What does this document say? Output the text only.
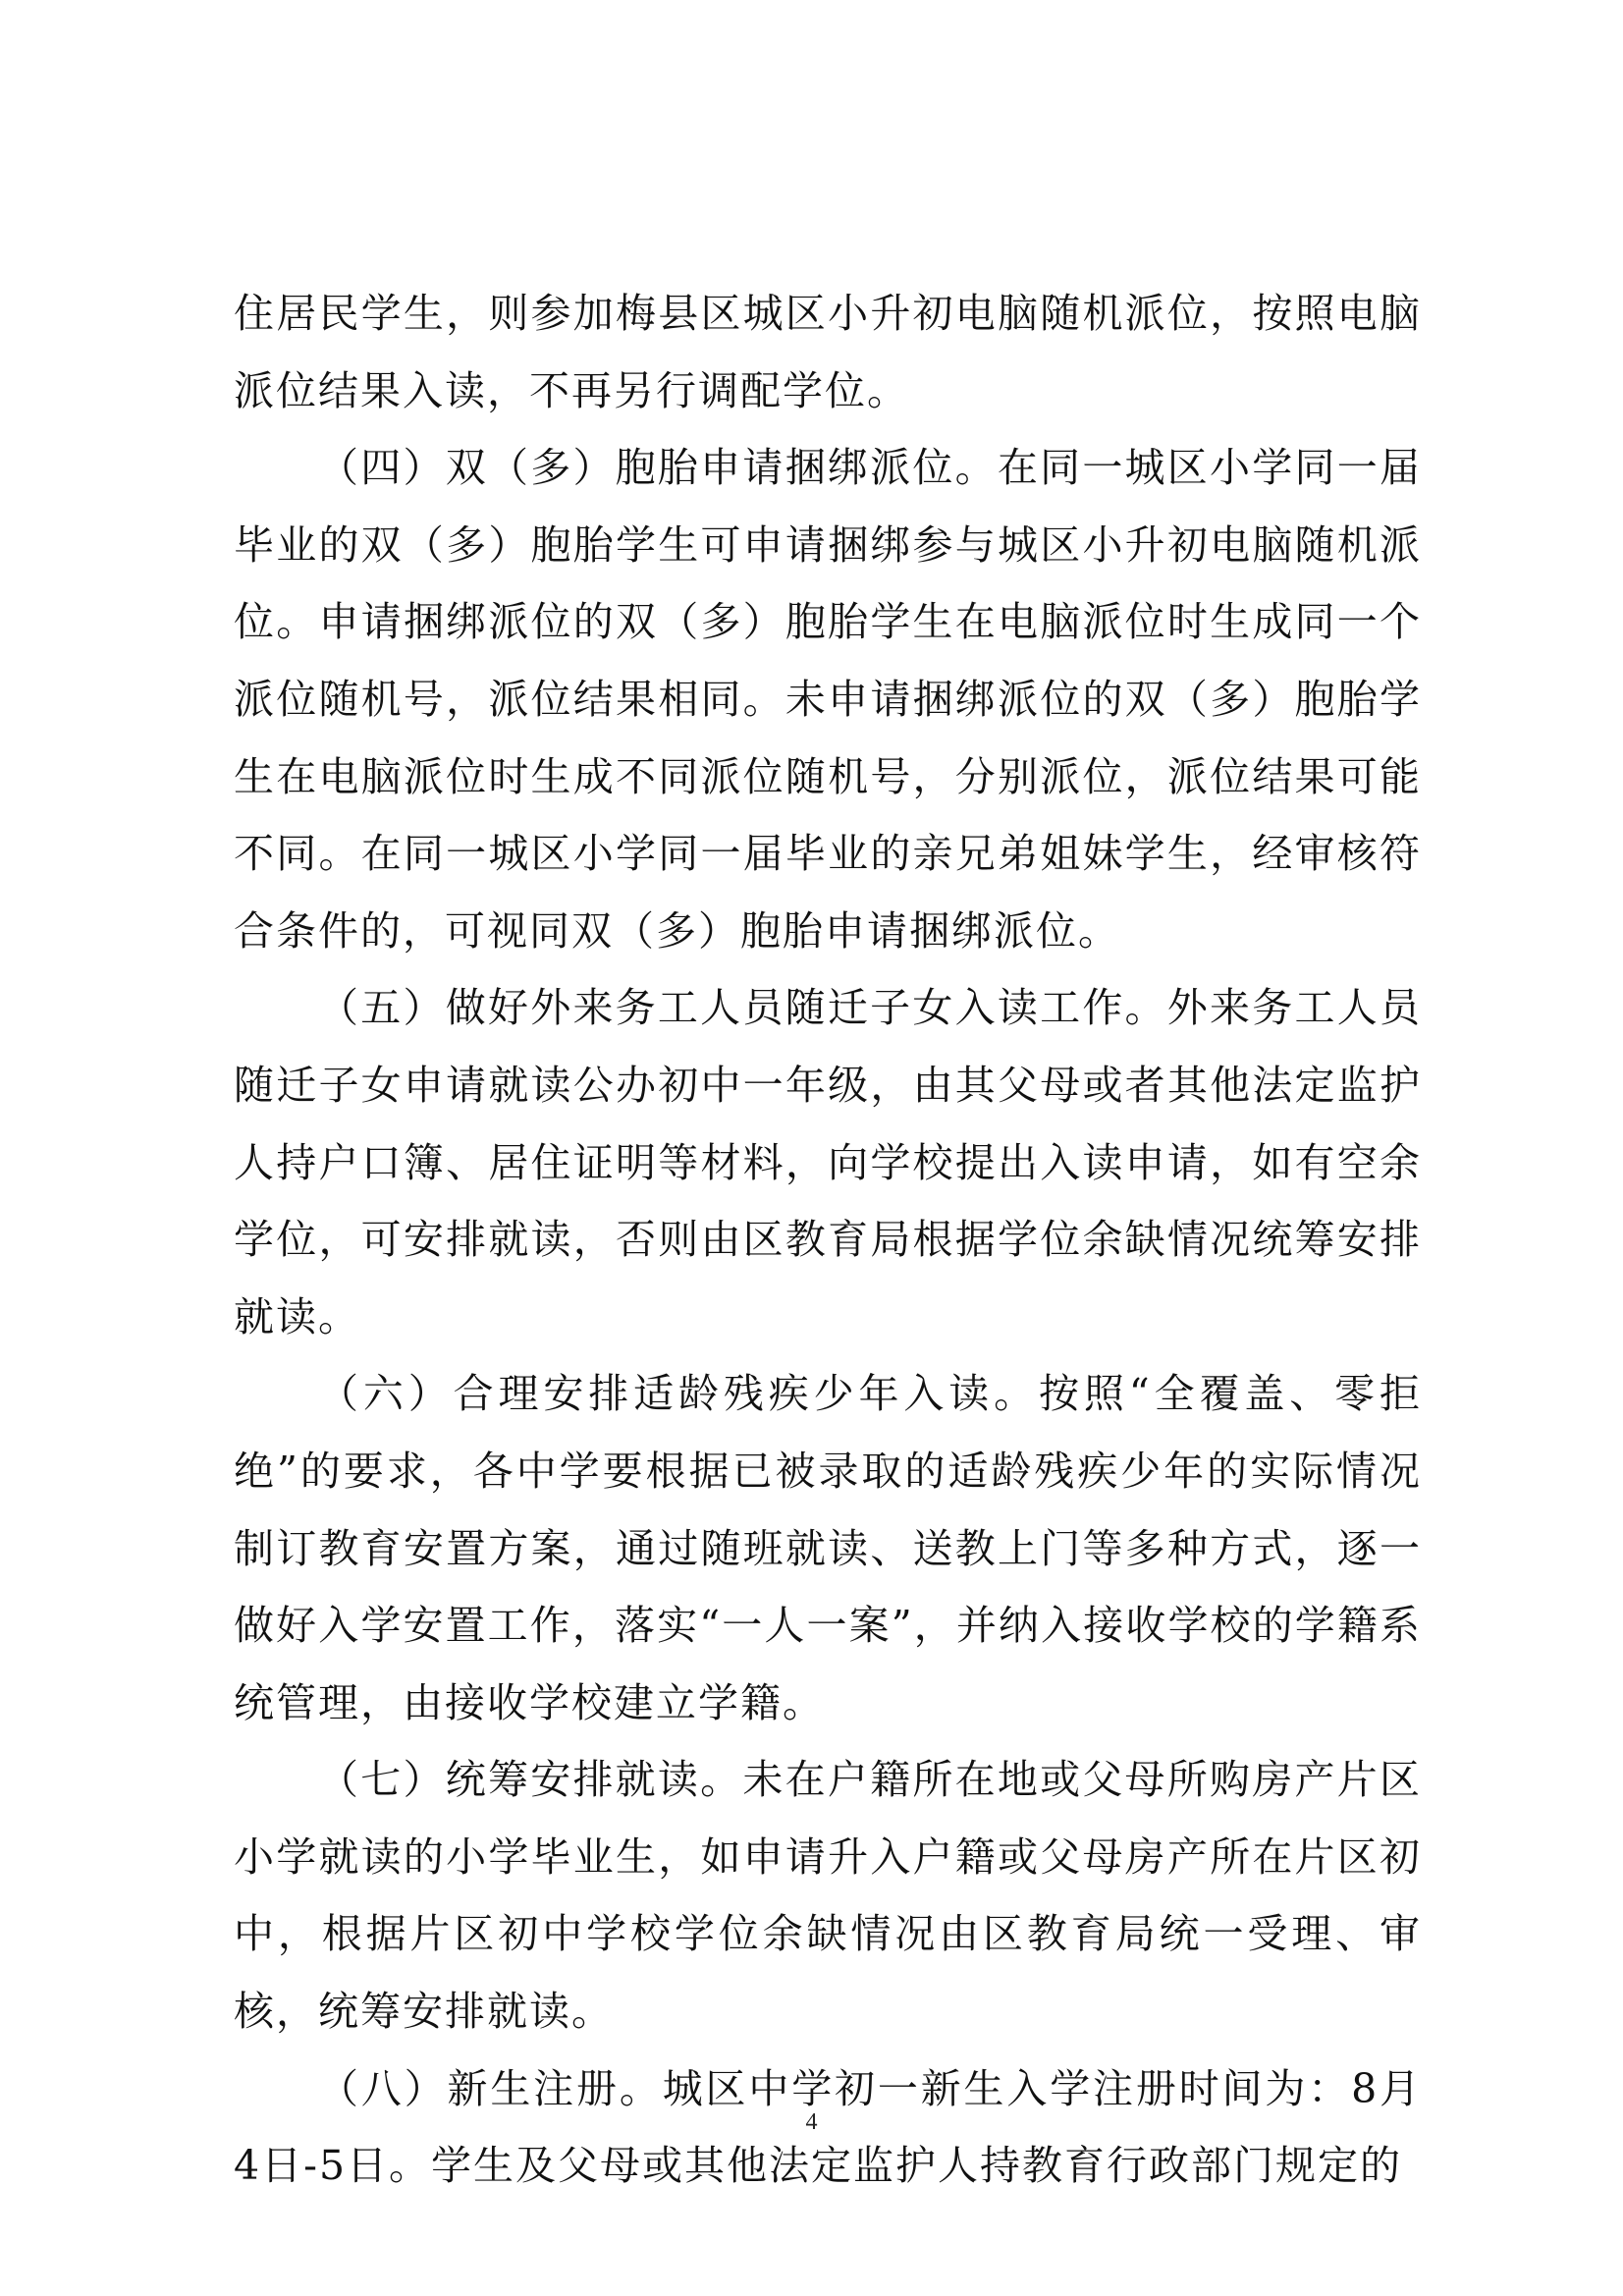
住居民学生，则参加梅县区城区小升初电脑随机派位，按照电脑派位结果入读，不再另行调配学位。

（四）双（多）胞胎申请捆绑派位。在同一城区小学同一届毕业的双（多）胞胎学生可申请捆绑参与城区小升初电脑随机派位。申请捆绑派位的双（多）胞胎学生在电脑派位时生成同一个派位随机号，派位结果相同。未申请捆绑派位的双（多）胞胎学生在电脑派位时生成不同派位随机号，分别派位，派位结果可能不同。在同一城区小学同一届毕业的亲兄弟姐妹学生，经审核符合条件的，可视同双（多）胞胎申请捆绑派位。

（五）做好外来务工人员随迁子女入读工作。外来务工人员随迁子女申请就读公办初中一年级，由其父母或者其他法定监护人持户口簿、居住证明等材料，向学校提出入读申请，如有空余学位，可安排就读，否则由区教育局根据学位余缺情况统筹安排就读。

（六）合理安排适龄残疾少年入读。按照“全覆盖、零拒绝”的要求，各中学要根据已被录取的适龄残疾少年的实际情况制订教育安置方案，通过随班就读、送教上门等多种方式，逐一做好入学安置工作，落实“一人一案”，并纳入接收学校的学籍系统管理，由接收学校建立学籍。

（七）统筹安排就读。未在户籍所在地或父母所购房产片区小学就读的小学毕业生，如申请升入户籍或父母房产所在片区初中，根据片区初中学校学位余缺情况由区教育局统一受理、审核，统筹安排就读。

（八）新生注册。城区中学初一新生入学注册时间为：8月4日-5日。学生及父母或其他法定监护人持教育行政部门规定的

4
